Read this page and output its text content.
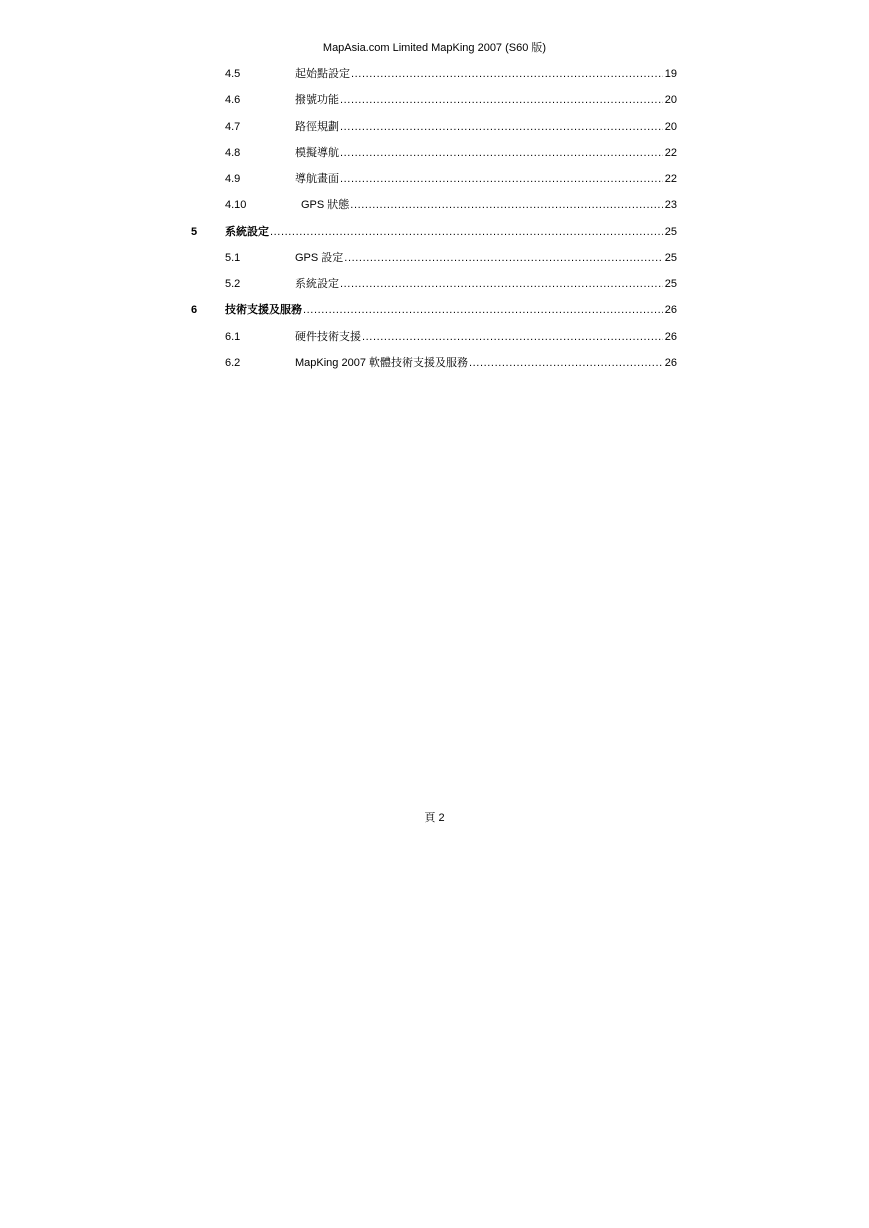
MapAsia.com Limited MapKing 2007 (S60 版)
4.5	起始點設定 .....	19
4.6	撥號功能 .....	20
4.7	路徑規劃 .....	20
4.8	模擬導航 .....	22
4.9	導航畫面 .....	22
4.10	GPS 狀態 .....	23
5	系統設定 .....	25
5.1	GPS 設定 .....	25
5.2	系統設定 .....	25
6	技術支援及服務 .....	26
6.1	硬件技術支援 .....	26
6.2	MapKing 2007 軟體技術支援及服務 .....	26
頁 2
